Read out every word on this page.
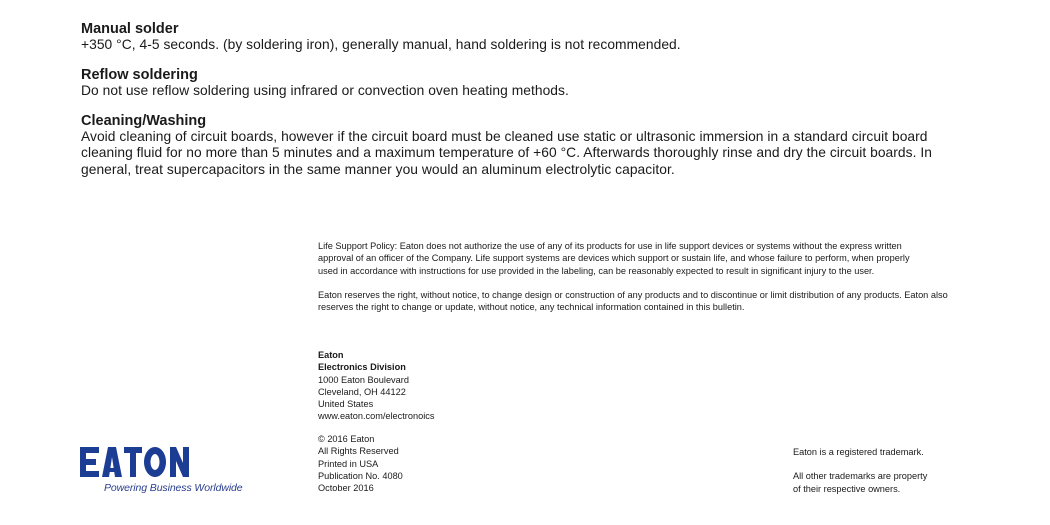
Manual solder
+350 °C, 4-5 seconds. (by soldering iron), generally manual, hand soldering is not recommended.
Reflow soldering
Do not use reflow soldering using infrared or convection oven heating methods.
Cleaning/Washing
Avoid cleaning of circuit boards, however if the circuit board must be cleaned use static or ultrasonic immersion in a standard circuit board
cleaning fluid for no more than 5 minutes and a maximum temperature of +60 °C. Afterwards thoroughly rinse and dry the circuit boards. In
general, treat supercapacitors in the same manner you would an aluminum electrolytic capacitor.

Life Support Policy: Eaton does not authorize the use of any of its products for use in life support devices or systems without the express written
approval of an officer of the Company. Life support systems are devices which support or sustain life, and whose failure to perform, when properly
used in accordance with instructions for use provided in the labeling, can be reasonably expected to result in significant injury to the user.

Eaton reserves the right, without notice, to change design or construction of any products and to discontinue or limit distribution of any products. Eaton also
reserves the right to change or update, without notice, any technical information contained in this bulletin.

Eaton
Electronics Division
1000 Eaton Boulevard
Cleveland, OH 44122
United States
www.eaton.com/electronoics
© 2016 Eaton
All Rights Reserved
Printed in USA
Publication No. 4080
October 2016
Eaton is a registered trademark.
All other trademarks are property
of their respective owners.
Powering Business Worldwide
